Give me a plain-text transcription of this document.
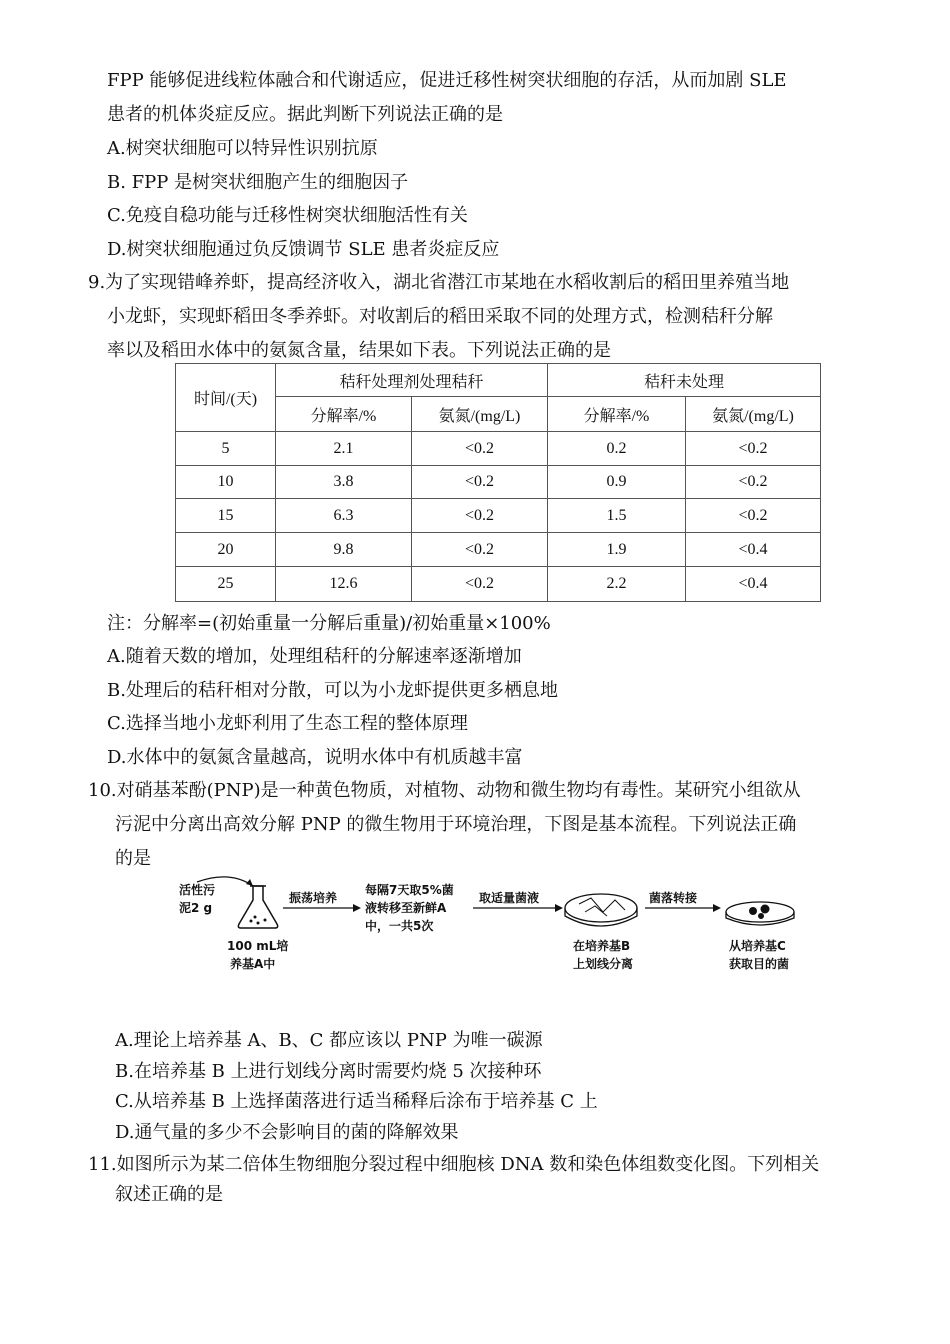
FPP 能够促进线粒体融合和代谢适应，促进迁移性树突状细胞的存活，从而加剧 SLE
患者的机体炎症反应。据此判断下列说法正确的是
A.树突状细胞可以特异性识别抗原
B. FPP 是树突状细胞产生的细胞因子
C.免疫自稳功能与迁移性树突状细胞活性有关
D.树突状细胞通过负反馈调节 SLE 患者炎症反应
9.为了实现错峰养虾，提高经济收入，湖北省潜江市某地在水稻收割后的稻田里养殖当地
小龙虾，实现虾稻田冬季养虾。对收割后的稻田采取不同的处理方式，检测秸秆分解
率以及稻田水体中的氨氮含量，结果如下表。下列说法正确的是
时间/(天)	秸秆处理剂处理秸秆		秸秆未处理	
	分解率/%	氨氮/(mg/L)	分解率/%	氨氮/(mg/L)
5	2.1	<0.2	0.2	<0.2
10	3.8	<0.2	0.9	<0.2
15	6.3	<0.2	1.5	<0.2
20	9.8	<0.2	1.9	<0.4
25	12.6	<0.2	2.2	<0.4
注：分解率=(初始重量一分解后重量)/初始重量×100%
A.随着天数的增加，处理组秸秆的分解速率逐渐增加
B.处理后的秸秆相对分散，可以为小龙虾提供更多栖息地
C.选择当地小龙虾利用了生态工程的整体原理
D.水体中的氨氮含量越高，说明水体中有机质越丰富
10.对硝基苯酚(PNP)是一种黄色物质，对植物、动物和微生物均有毒性。某研究小组欲从
污泥中分离出高效分解 PNP 的微生物用于环境治理，下图是基本流程。下列说法正确
的是
活性污
泥2 g
100 mL培
养基A中
振荡培养
每隔7天取5%菌
液转移至新鲜A
中，一共5次
取适量菌液
在培养基B
上划线分离
菌落转接
从培养基C
获取目的菌
A.理论上培养基 A、B、C 都应该以 PNP 为唯一碳源
B.在培养基 B 上进行划线分离时需要灼烧 5 次接种环
C.从培养基 B 上选择菌落进行适当稀释后涂布于培养基 C 上
D.通气量的多少不会影响目的菌的降解效果
11.如图所示为某二倍体生物细胞分裂过程中细胞核 DNA 数和染色体组数变化图。下列相关
叙述正确的是
